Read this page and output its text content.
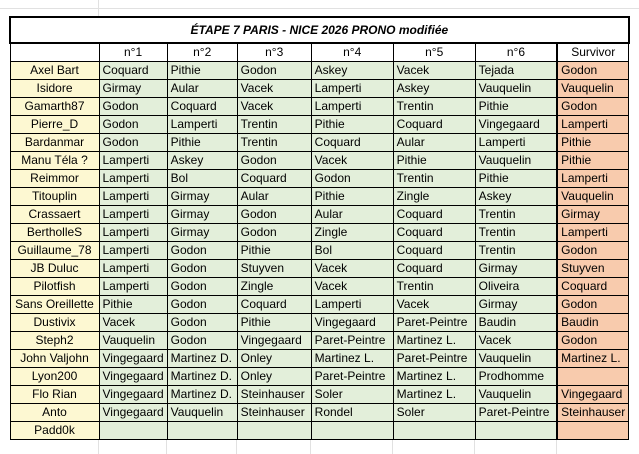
ÉTAPE 7 PARIS - NICE 2026 PRONO modifiée							
	n°1	n°2	n°3	n°4	n°5	n°6	Survivor
Axel Bart	Coquard	Pithie	Godon	Askey	Vacek	Tejada	Godon
Isidore	Girmay	Aular	Vacek	Lamperti	Askey	Vauquelin	Vauquelin
Gamarth87	Godon	Coquard	Vacek	Lamperti	Trentin	Pithie	Godon
Pierre_D	Godon	Lamperti	Trentin	Pithie	Coquard	Vingegaard	Lamperti
Bardanmar	Godon	Pithie	Trentin	Coquard	Aular	Lamperti	Pithie
Manu Téla ?	Lamperti	Askey	Godon	Vacek	Pithie	Vauquelin	Pithie
Reimmor	Lamperti	Bol	Coquard	Godon	Trentin	Pithie	Lamperti
Titouplin	Lamperti	Girmay	Aular	Pithie	Zingle	Askey	Vauquelin
Crassaert	Lamperti	Girmay	Godon	Aular	Coquard	Trentin	Girmay
BertholleS	Lamperti	Girmay	Godon	Zingle	Coquard	Trentin	Lamperti
Guillaume_78	Lamperti	Godon	Pithie	Bol	Coquard	Trentin	Godon
JB Duluc	Lamperti	Godon	Stuyven	Vacek	Coquard	Girmay	Stuyven
Pilotfish	Lamperti	Godon	Zingle	Vacek	Trentin	Oliveira	Coquard
Sans Oreillette	Pithie	Godon	Coquard	Lamperti	Vacek	Girmay	Godon
Dustivix	Vacek	Godon	Pithie	Vingegaard	Paret-Peintre	Baudin	Baudin
Steph2	Vauquelin	Godon	Vingegaard	Paret-Peintre	Martinez L.	Vacek	Godon
John Valjohn	Vingegaard	Martinez D.	Onley	Martinez L.	Paret-Peintre	Vauquelin	Martinez L.
Lyon200	Vingegaard	Martinez D.	Onley	Paret-Peintre	Martinez L.	Prodhomme	
Flo Rian	Vingegaard	Martinez D.	Steinhauser	Soler	Martinez L.	Vauquelin	Vingegaard
Anto	Vingegaard	Vauquelin	Steinhauser	Rondel	Soler	Paret-Peintre	Steinhauser
Padd0k							
